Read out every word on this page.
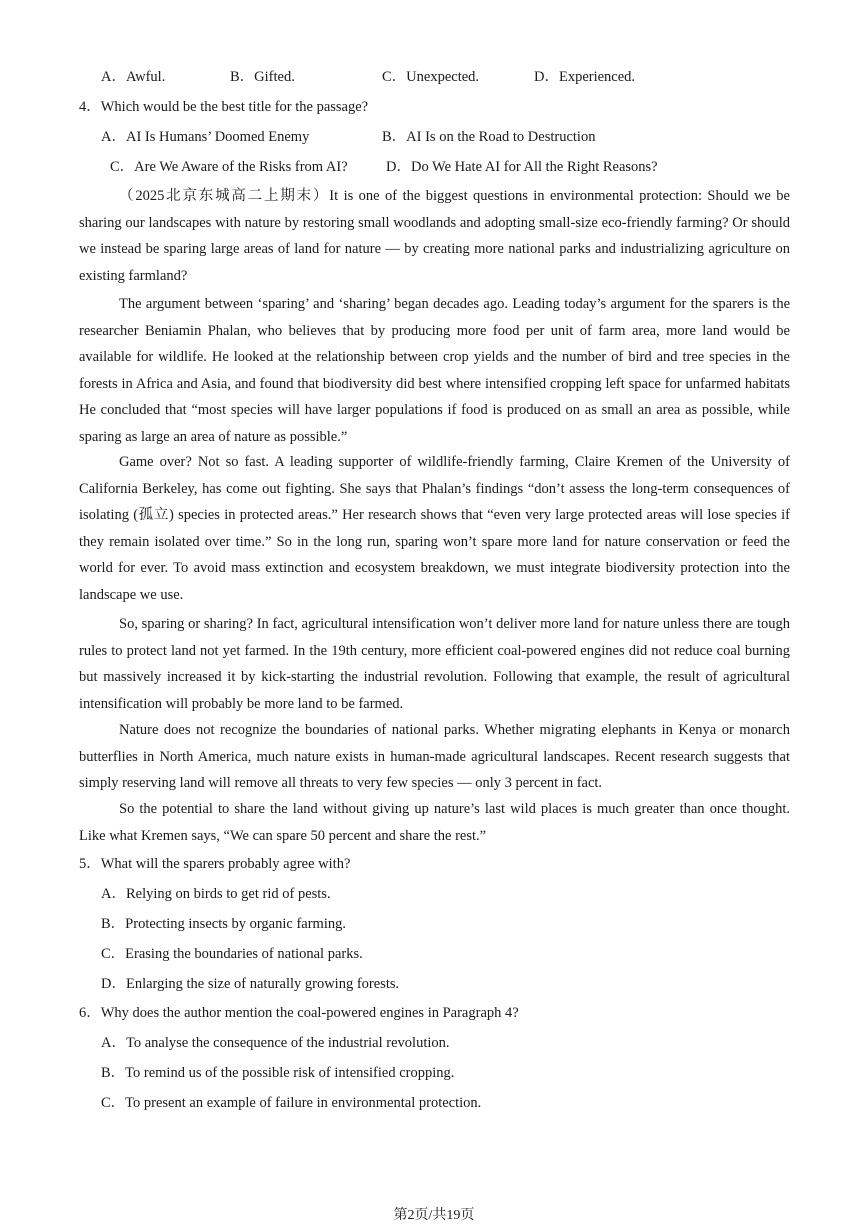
A．Awful.	B．Gifted.	C．Unexpected.	D．Experienced.
4．Which would be the best title for the passage?
A．AI Is Humans’ Doomed Enemy	B．AI Is on the Road to Destruction
C．Are We Aware of the Risks from AI?	D．Do We Hate AI for All the Right Reasons?

（2025北京东城高二上期末）It is one of the biggest questions in environmental protection: Should we be sharing our landscapes with nature by restoring small woodlands and adopting small-size eco-friendly farming? Or should we instead be sparing large areas of land for nature — by creating more national parks and industrializing agriculture on existing farmland?

The argument between ‘sparing’ and ‘sharing’ began decades ago. Leading today’s argument for the sparers is the researcher Beniamin Phalan, who believes that by producing more food per unit of farm area, more land would be available for wildlife. He looked at the relationship between crop yields and the number of bird and tree species in the forests in Africa and Asia, and found that biodiversity did best where intensified cropping left space for unfarmed habitats He concluded that “most species will have larger populations if food is produced on as small an area as possible, while sparing as large an area of nature as possible.”

Game over? Not so fast. A leading supporter of wildlife-friendly farming, Claire Kremen of the University of California Berkeley, has come out fighting. She says that Phalan’s findings “don’t assess the long-term consequences of isolating (孤立) species in protected areas.” Her research shows that “even very large protected areas will lose species if they remain isolated over time.” So in the long run, sparing won’t spare more land for nature conservation or feed the world for ever. To avoid mass extinction and ecosystem breakdown, we must integrate biodiversity protection into the landscape we use.

So, sparing or sharing? In fact, agricultural intensification won’t deliver more land for nature unless there are tough rules to protect land not yet farmed. In the 19th century, more efficient coal-powered engines did not reduce coal burning but massively increased it by kick-starting the industrial revolution. Following that example, the result of agricultural intensification will probably be more land to be farmed.

Nature does not recognize the boundaries of national parks. Whether migrating elephants in Kenya or monarch butterflies in North America, much nature exists in human-made agricultural landscapes. Recent research suggests that simply reserving land will remove all threats to very few species — only 3 percent in fact.

So the potential to share the land without giving up nature’s last wild places is much greater than once thought. Like what Kremen says, “We can spare 50 percent and share the rest.”

5．What will the sparers probably agree with?
A．Relying on birds to get rid of pests.
B．Protecting insects by organic farming.
C．Erasing the boundaries of national parks.
D．Enlarging the size of naturally growing forests.
6．Why does the author mention the coal-powered engines in Paragraph 4?
A．To analyse the consequence of the industrial revolution.
B．To remind us of the possible risk of intensified cropping.
C．To present an example of failure in environmental protection.
第2页/共19页
